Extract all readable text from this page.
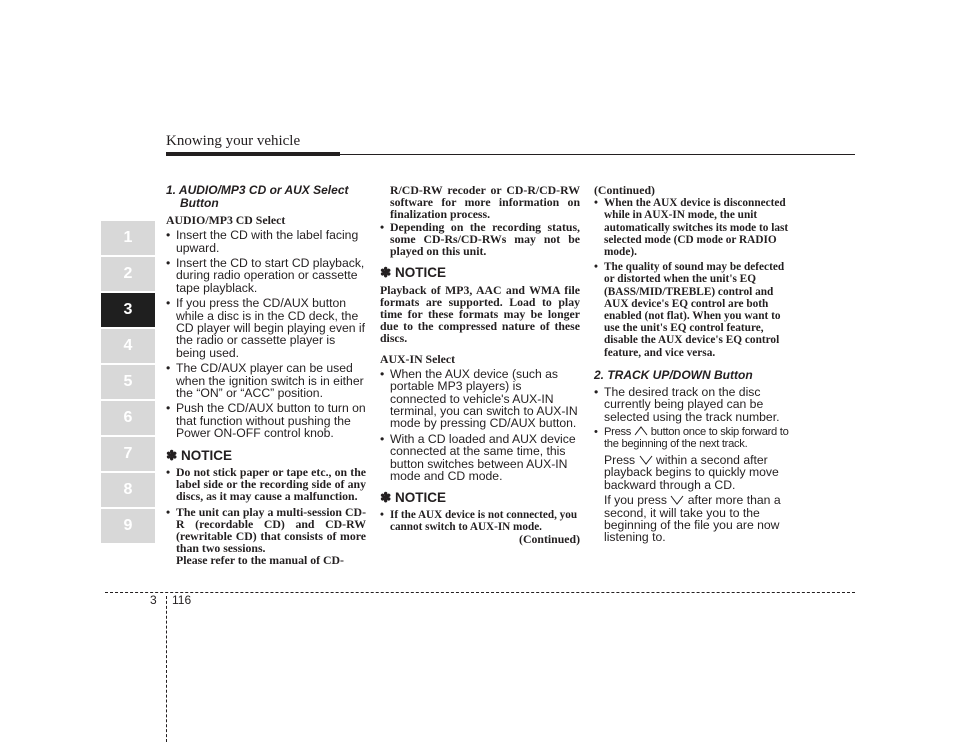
Knowing your vehicle
1
2
3
4
5
6
7
8
9
1. AUDIO/MP3 CD or AUX Select
Button
AUDIO/MP3 CD Select
• Insert the CD with the label facing upward.
• Insert the CD to start CD playback, during radio operation or cassette tape playblack.
• If you press the CD/AUX button while a disc is in the CD deck, the CD player will begin playing even if the radio or cassette player is being used.
• The CD/AUX player can be used when the ignition switch is in either the “ON” or “ACC” position.
• Push the CD/AUX button to turn on that function without pushing the Power ON-OFF control knob.
✽ NOTICE
• Do not stick paper or tape etc., on the label side or the recording side of any discs, as it may cause a malfunction.
• The unit can play a multi-session CD-R (recordable CD) and CD-RW (rewritable CD) that consists of more than two sessions.
Please refer to the manual of CD-
R/CD-RW recoder or CD-R/CD-RW software for more information on finalization process.
• Depending on the recording status, some CD-Rs/CD-RWs may not be played on this unit.
✽ NOTICE
Playback of MP3, AAC and WMA file formats are supported. Load to play time for these formats may be longer due to the compressed nature of these discs.
AUX-IN Select
• When the AUX device (such as portable MP3 players) is connected to vehicle's AUX-IN terminal, you can switch to AUX-IN mode by pressing CD/AUX button.
• With a CD loaded and AUX device connected at the same time, this button switches between AUX-IN mode and CD mode.
✽ NOTICE
• If the AUX device is not connected, you cannot switch to AUX-IN mode.
(Continued)
(Continued)
• When the AUX device is disconnected while in AUX-IN mode, the unit automatically switches its mode to last selected mode (CD mode or RADIO mode).
• The quality of sound may be defected or distorted when the unit's EQ (BASS/MID/TREBLE) control and AUX device's EQ control are both enabled (not flat). When you want to use the unit's EQ control feature, disable the AUX device's EQ control feature, and vice versa.
2. TRACK UP/DOWN Button
• The desired track on the disc currently being played can be selected using the track number.
• Press button once to skip forward to the beginning of the next track.
Press within a second after playback begins to quickly move backward through a CD.
If you press after more than a second, it will take you to the beginning of the file you are now listening to.
3 116
